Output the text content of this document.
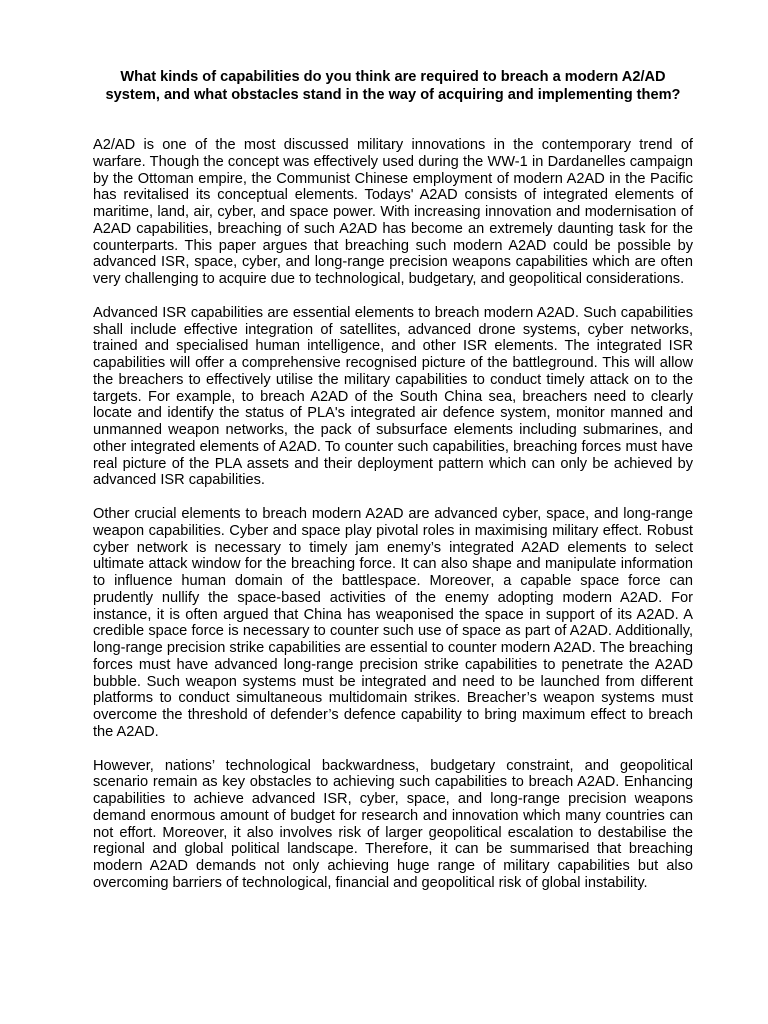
What kinds of capabilities do you think are required to breach a modern A2/AD system, and what obstacles stand in the way of acquiring and implementing them?

A2/AD is one of the most discussed military innovations in the contemporary trend of warfare. Though the concept was effectively used during the WW-1 in Dardanelles campaign by the Ottoman empire, the Communist Chinese employment of modern A2AD in the Pacific has revitalised its conceptual elements. Todays' A2AD consists of integrated elements of maritime, land, air, cyber, and space power. With increasing innovation and modernisation of A2AD capabilities, breaching of such A2AD has become an extremely daunting task for the counterparts. This paper argues that breaching such modern A2AD could be possible by advanced ISR, space, cyber, and long-range precision weapons capabilities which are often very challenging to acquire due to technological, budgetary, and geopolitical considerations.

Advanced ISR capabilities are essential elements to breach modern A2AD. Such capabilities shall include effective integration of satellites, advanced drone systems, cyber networks, trained and specialised human intelligence, and other ISR elements. The integrated ISR capabilities will offer a comprehensive recognised picture of the battleground. This will allow the breachers to effectively utilise the military capabilities to conduct timely attack on to the targets. For example, to breach A2AD of the South China sea, breachers need to clearly locate and identify the status of PLA's integrated air defence system, monitor manned and unmanned weapon networks, the pack of subsurface elements including submarines, and other integrated elements of A2AD. To counter such capabilities, breaching forces must have real picture of the PLA assets and their deployment pattern which can only be achieved by advanced ISR capabilities.

Other crucial elements to breach modern A2AD are advanced cyber, space, and long-range weapon capabilities. Cyber and space play pivotal roles in maximising military effect. Robust cyber network is necessary to timely jam enemy’s integrated A2AD elements to select ultimate attack window for the breaching force. It can also shape and manipulate information to influence human domain of the battlespace. Moreover, a capable space force can prudently nullify the space-based activities of the enemy adopting modern A2AD. For instance, it is often argued that China has weaponised the space in support of its A2AD. A credible space force is necessary to counter such use of space as part of A2AD. Additionally, long-range precision strike capabilities are essential to counter modern A2AD. The breaching forces must have advanced long-range precision strike capabilities to penetrate the A2AD bubble. Such weapon systems must be integrated and need to be launched from different platforms to conduct simultaneous multidomain strikes. Breacher’s weapon systems must overcome the threshold of defender’s defence capability to bring maximum effect to breach the A2AD.

However, nations’ technological backwardness, budgetary constraint, and geopolitical scenario remain as key obstacles to achieving such capabilities to breach A2AD. Enhancing capabilities to achieve advanced ISR, cyber, space, and long-range precision weapons demand enormous amount of budget for research and innovation which many countries can not effort. Moreover, it also involves risk of larger geopolitical escalation to destabilise the regional and global political landscape. Therefore, it can be summarised that breaching modern A2AD demands not only achieving huge range of military capabilities but also overcoming barriers of technological, financial and geopolitical risk of global instability.
